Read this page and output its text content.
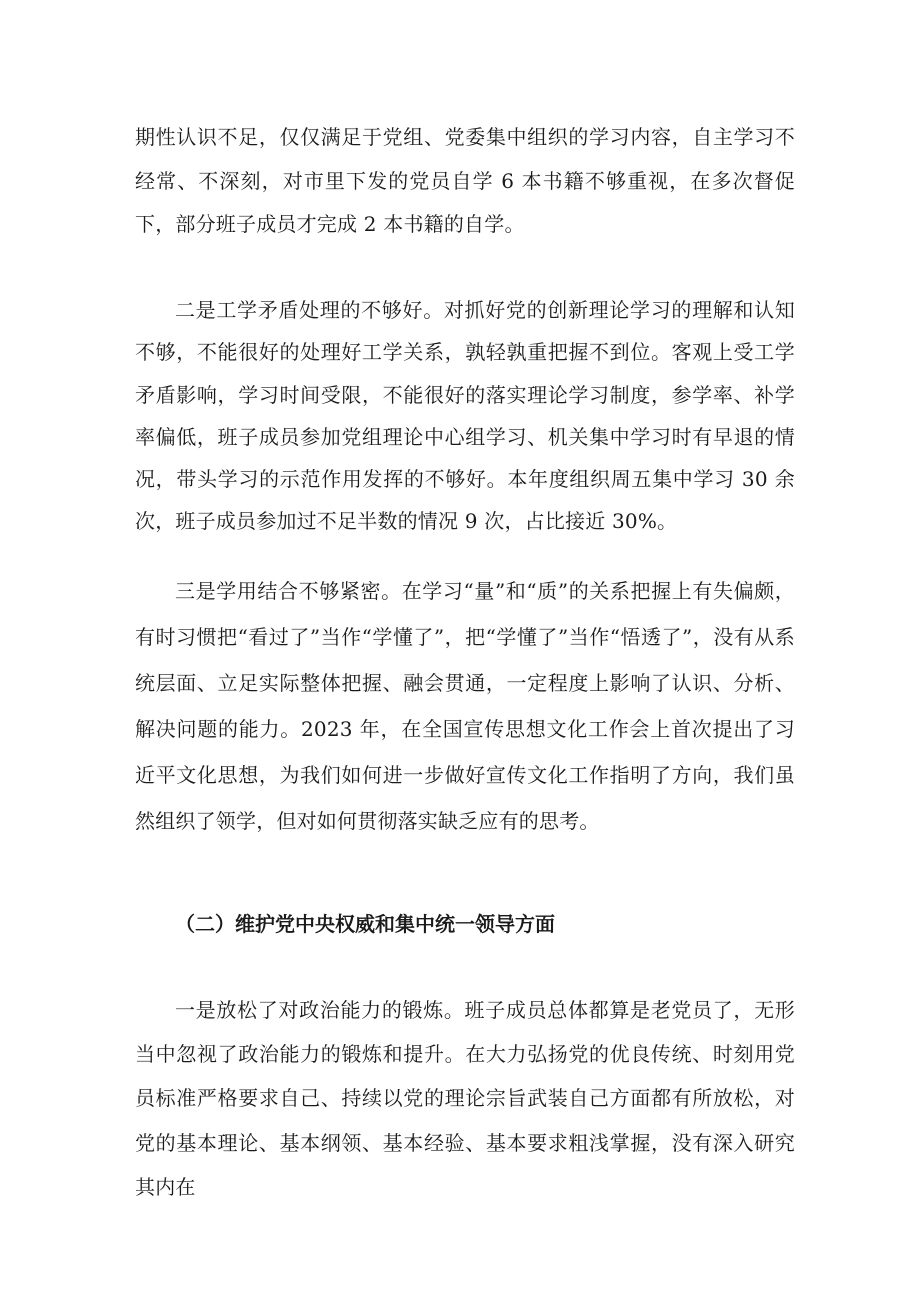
期性认识不足，仅仅满足于党组、党委集中组织的学习内容，自主学习不经常、不深刻，对市里下发的党员自学 6 本书籍不够重视，在多次督促下，部分班子成员才完成 2 本书籍的自学。

二是工学矛盾处理的不够好。对抓好党的创新理论学习的理解和认知不够，不能很好的处理好工学关系，孰轻孰重把握不到位。客观上受工学矛盾影响，学习时间受限，不能很好的落实理论学习制度，参学率、补学率偏低，班子成员参加党组理论中心组学习、机关集中学习时有早退的情况，带头学习的示范作用发挥的不够好。本年度组织周五集中学习 30 余次，班子成员参加过不足半数的情况 9 次，占比接近 30%。

三是学用结合不够紧密。在学习“量”和“质”的关系把握上有失偏颇，有时习惯把“看过了”当作“学懂了”，把“学懂了”当作“悟透了”，没有从系统层面、立足实际整体把握、融会贯通，一定程度上影响了认识、分析、解决问题的能力。2023 年，在全国宣传思想文化工作会上首次提出了习近平文化思想，为我们如何进一步做好宣传文化工作指明了方向，我们虽然组织了领学，但对如何贯彻落实缺乏应有的思考。

（二）维护党中央权威和集中统一领导方面

一是放松了对政治能力的锻炼。班子成员总体都算是老党员了，无形当中忽视了政治能力的锻炼和提升。在大力弘扬党的优良传统、时刻用党员标准严格要求自己、持续以党的理论宗旨武装自己方面都有所放松，对党的基本理论、基本纲领、基本经验、基本要求粗浅掌握，没有深入研究其内在
